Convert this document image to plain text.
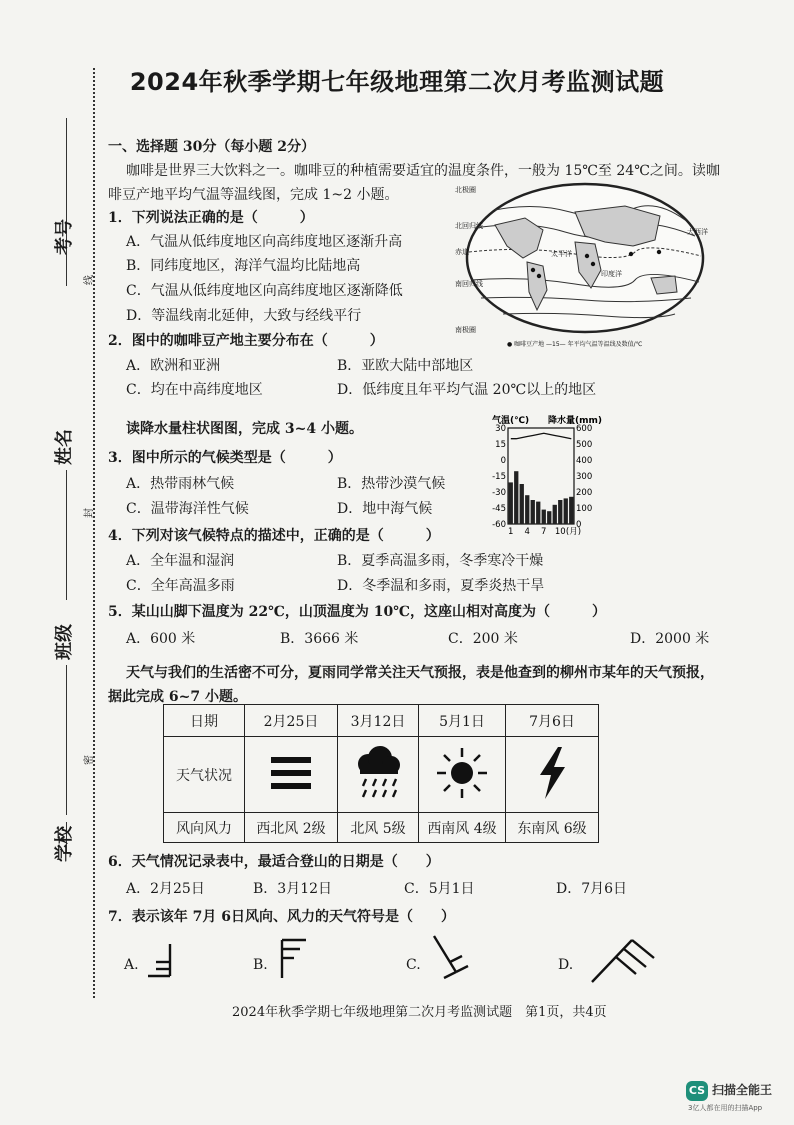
2024年秋季学期七年级地理第二次月考监测试题
考号
姓名
班级
学校
线
封
密
一、选择题 30分（每小题 2分）
咖啡是世界三大饮料之一。咖啡豆的种植需要适宜的温度条件，一般为 15℃至 24℃之间。读咖
啡豆产地平均气温等温线图，完成 1~2 小题。
1．下列说法正确的是（　　　）
A．气温从低纬度地区向高纬度地区逐渐升高
B．同纬度地区，海洋气温均比陆地高
C．气温从低纬度地区向高纬度地区逐渐降低
D．等温线南北延伸，大致与经线平行
北极圈
北回归线
赤道
南回归线
南极圈
太平洋
印度洋
大西洋
● 咖啡豆产地 —15— 年平均气温等温线及数值/℃
2．图中的咖啡豆产地主要分布在（　　　）
A．欧洲和亚洲	B．亚欧大陆中部地区
C．均在中高纬度地区	D．低纬度且年平均气温 20℃以上的地区
读降水量柱状图图，完成 3~4 小题。	气温(℃) 降水量(mm)
30
15
0
-15
-30
-45
-60
600
500
400
300
200
100
0
1 4 7 10 (月)
3．图中所示的气候类型是（　　　）
A．热带雨林气候	B．热带沙漠气候
C．温带海洋性气候	D．地中海气候
4．下列对该气候特点的描述中，正确的是（　　　）
A．全年温和湿润	B．夏季高温多雨，冬季寒冷干燥
C．全年高温多雨	D．冬季温和多雨，夏季炎热干旱
5．某山山脚下温度为 22℃，山顶温度为 10℃，这座山相对高度为（　　　）
A．600 米	B．3666 米	C．200 米	D．2000 米
天气与我们的生活密不可分，夏雨同学常关注天气预报，表是他查到的柳州市某年的天气预报，
据此完成 6~7 小题。
日期	2月25日	3月12日	5月1日	7月6日
天气状况				
风向风力	西北风 2级	北风 5级	西南风 4级	东南风 6级
6．天气情况记录表中，最适合登山的日期是（　　）
A．2月25日	B．3月12日	C．5月1日	D．7月6日
7．表示该年 7月 6日风向、风力的天气符号是（　　）
A.	B.	C.	D.
2024年秋季学期七年级地理第二次月考监测试题　第1页，共4页
CS 扫描全能王
3亿人都在用的扫描App
